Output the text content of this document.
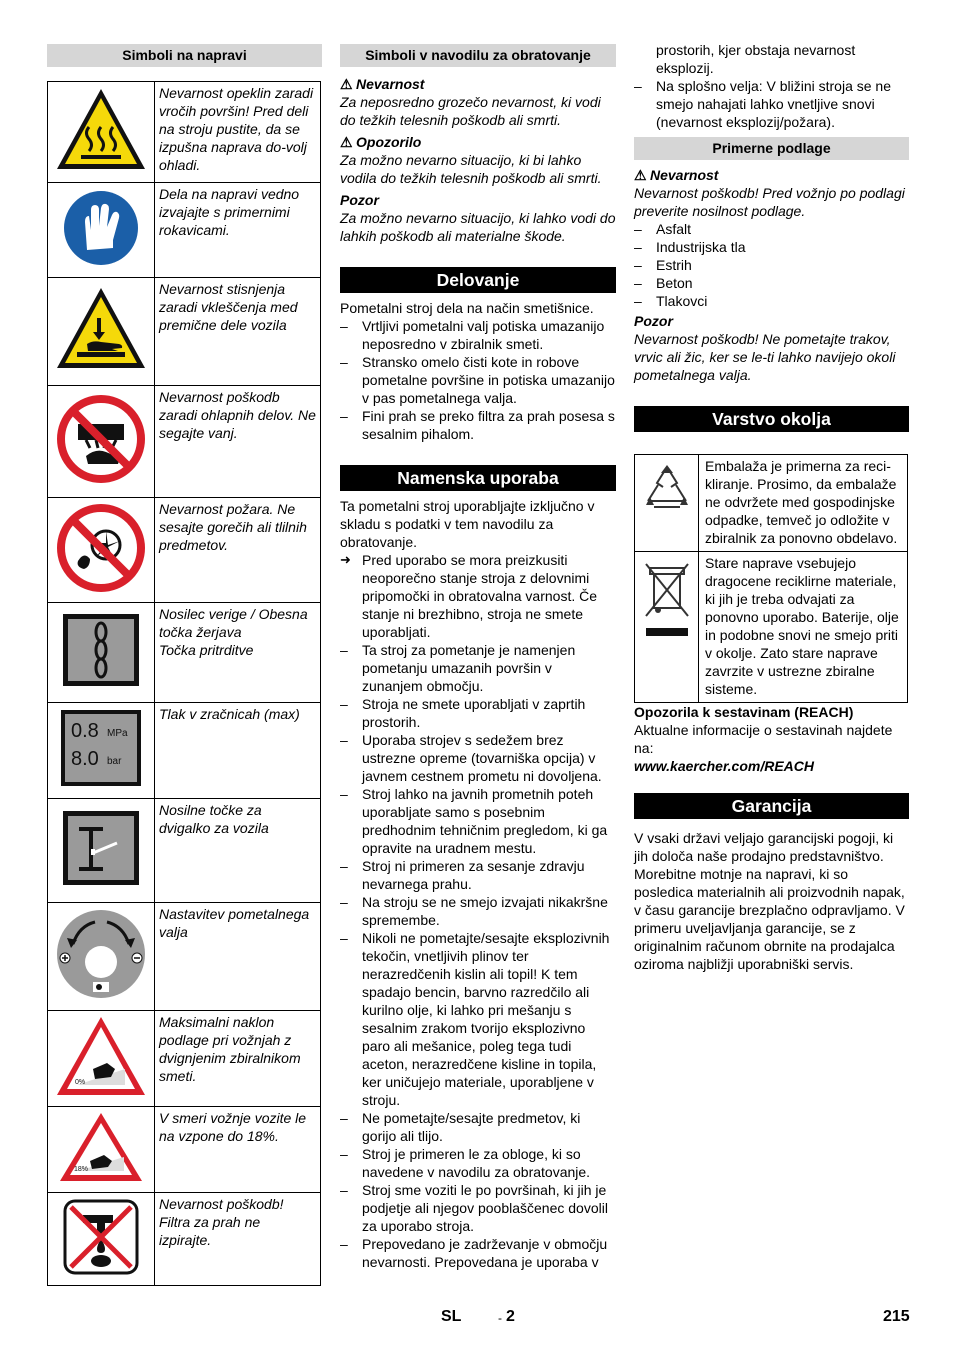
Simboli na napravi
	Nevarnost opeklin zaradi vročih površin! Pred deli na stroju pustite, da se izpušna naprava do-volj ohladi.
	Dela na napravi vedno izvajajte s primernimi rokavicami.
	Nevarnost stisnjenja zaradi vkleščenja med premične dele vozila
	Nevarnost poškodb zaradi ohlapnih delov. Ne segajte vanj.
	Nevarnost požara. Ne sesajte gorečih ali tlilnih predmetov.
	Nosilec verige / Obesna točka žerjava
Točka pritrditve

0.8 MPa
8.0 bar	Tlak v zračnicah (max)
	Nosilne točke za dvigalko za vozila
	Nastavitev pometalnega valja

0%	Maksimalni naklon podlage pri vožnjah z dvignjenim zbiralnikom smeti.

18%	V smeri vožnje vozite le na vzpone do 18%.
	Nevarnost poškodb! Filtra za prah ne izpirajte.
Simboli v navodilu za obratovanje

⚠ Nevarnost

Za neposredno grozečo nevarnost, ki vodi do težkih telesnih poškodb ali smrti.

⚠ Opozorilo

Za možno nevarno situacijo, ki bi lahko vodila do težkih telesnih poškodb ali smrti.

Pozor

Za možno nevarno situacijo, ki lahko vodi do lahkih poškodb ali materialne škode.

Delovanje

Pometalni stroj dela na način smetišnice.

– Vrtljivi pometalni valj potiska umazanijo neposredno v zbiralnik smeti.

– Stransko omelo čisti kote in robove pometalne površine in potiska umazanijo v pas pometalnega valja.

– Fini prah se preko filtra za prah posesa s sesalnim pihalom.

Namenska uporaba

Ta pometalni stroj uporabljajte izključno v skladu s podatki v tem navodilu za obratovanje.

➜ Pred uporabo se mora preizkusiti neoporečno stanje stroja z delovnimi pripomočki in obratovalna varnost. Če stanje ni brezhibno, stroja ne smete uporabljati.

– Ta stroj za pometanje je namenjen pometanju umazanih površin v zunanjem območju.

– Stroja ne smete uporabljati v zaprtih prostorih.

– Uporaba strojev s sedežem brez ustrezne opreme (tovarniška opcija) v javnem cestnem prometu ni dovoljena.

– Stroj lahko na javnih prometnih poteh uporabljate samo s posebnim predhodnim tehničnim pregledom, ki ga opravite na uradnem mestu.

– Stroj ni primeren za sesanje zdravju nevarnega prahu.

– Na stroju se ne smejo izvajati nikakršne spremembe.

– Nikoli ne pometajte/sesajte eksplozivnih tekočin, vnetljivih plinov ter nerazredčenih kislin ali topil! K tem spadajo bencin, barvno razredčilo ali kurilno olje, ki lahko pri mešanju s sesalnim zrakom tvorijo eksplozivno paro ali mešanice, poleg tega tudi aceton, nerazredčene kisline in topila, ker uničujejo materiale, uporabljene v stroju.

– Ne pometajte/sesajte predmetov, ki gorijo ali tlijo.

– Stroj je primeren le za obloge, ki so navedene v navodilu za obratovanje.

– Stroj sme voziti le po površinah, ki jih je podjetje ali njegov pooblaščenec dovolil za uporabo stroja.

– Prepovedano je zadrževanje v območju nevarnosti. Prepovedana je uporaba v

prostorih, kjer obstaja nevarnost eksplozij.

– Na splošno velja: V bližini stroja se ne smejo nahajati lahko vnetljive snovi (nevarnost eksplozij/požara).

Primerne podlage

⚠ Nevarnost

Nevarnost poškodb! Pred vožnjo po podlagi preverite nosilnost podlage.

– Asfalt

– Industrijska tla

– Estrih

– Beton

– Tlakovci

Pozor

Nevarnost poškodb! Ne pometajte trakov, vrvic ali žic, ker se le-ti lahko navijejo okoli pometalnega valja.

Varstvo okolja
	Embalaža je primerna za reci-kliranje. Prosimo, da embalaže ne odvržete med gospodinjske odpadke, temveč jo odložite v zbiralnik za ponovno obdelavo.
	Stare naprave vsebujejo dragocene reciklirne materiale, ki jih je treba odvajati za ponovno uporabo. Baterije, olje in podobne snovi ne smejo priti v okolje. Zato stare naprave zavrzite v ustrezne zbiralne sisteme.

Opozorila k sestavinam (REACH)

Aktualne informacije o sestavinah najdete na:

www.kaercher.com/REACH

Garancija

V vsaki državi veljajo garancijski pogoji, ki jih določa naše prodajno predstavništvo. Morebitne motnje na napravi, ki so posledica materialnih ali proizvodnih napak, v času garancije brezplačno odpravljamo. V primeru uveljavljanja garancije, se z originalnim računom obrnite na prodajalca oziroma najbližji uporabniški servis.

SL	- 2	215
